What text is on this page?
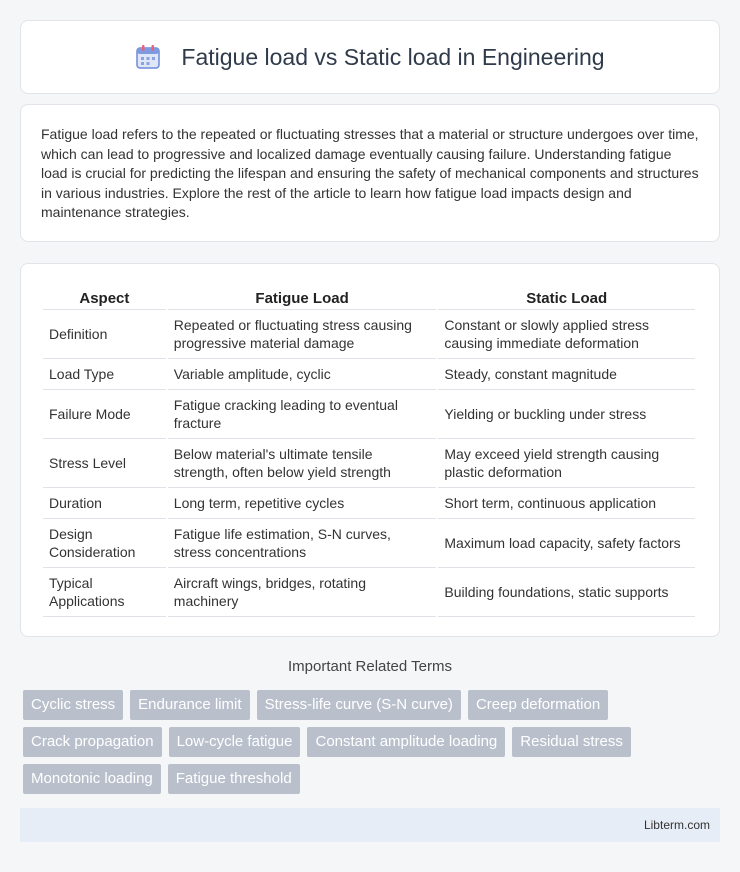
Fatigue load vs Static load in Engineering

Fatigue load refers to the repeated or fluctuating stresses that a material or structure undergoes over time, which can lead to progressive and localized damage eventually causing failure. Understanding fatigue load is crucial for predicting the lifespan and ensuring the safety of mechanical components and structures in various industries. Explore the rest of the article to learn how fatigue load impacts design and maintenance strategies.

Aspect	Fatigue Load	Static Load
Definition	Repeated or fluctuating stress causing progressive material damage	Constant or slowly applied stress causing immediate deformation
Load Type	Variable amplitude, cyclic	Steady, constant magnitude
Failure Mode	Fatigue cracking leading to eventual fracture	Yielding or buckling under stress
Stress Level	Below material's ultimate tensile strength, often below yield strength	May exceed yield strength causing plastic deformation
Duration	Long term, repetitive cycles	Short term, continuous application
Design Consideration	Fatigue life estimation, S-N curves, stress concentrations	Maximum load capacity, safety factors
Typical Applications	Aircraft wings, bridges, rotating machinery	Building foundations, static supports
Important Related Terms
Cyclic stress	Endurance limit	Stress-life curve (S-N curve)	Creep deformation
Crack propagation	Low-cycle fatigue	Constant amplitude loading	Residual stress
Monotonic loading	Fatigue threshold
Libterm.com
